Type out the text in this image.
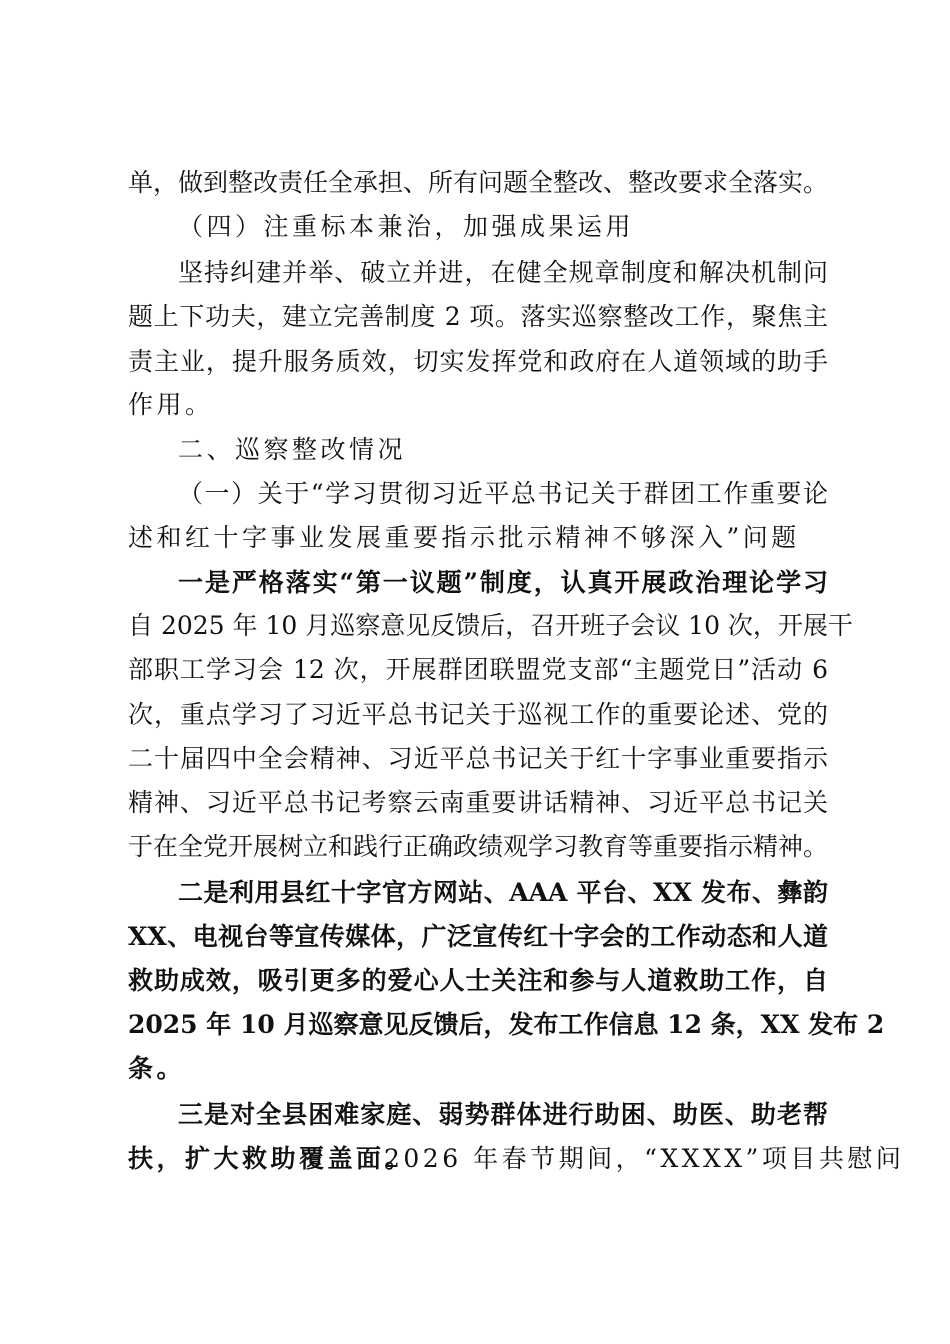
单，做到整改责任全承担、所有问题全整改、整改要求全落实。
（四）注重标本兼治，加强成果运用
坚持纠建并举、破立并进，在健全规章制度和解决机制问
题上下功夫，建立完善制度 2 项。落实巡察整改工作，聚焦主
责主业，提升服务质效，切实发挥党和政府在人道领域的助手
作用。
二、巡察整改情况
（一）关于“学习贯彻习近平总书记关于群团工作重要论
述和红十字事业发展重要指示批示精神不够深入”问题
一是严格落实“第一议题”制度，认真开展政治理论学习
自 2025 年 10 月巡察意见反馈后，召开班子会议 10 次，开展干
部职工学习会 12 次，开展群团联盟党支部“主题党日”活动 6
次，重点学习了习近平总书记关于巡视工作的重要论述、党的
二十届四中全会精神、习近平总书记关于红十字事业重要指示
精神、习近平总书记考察云南重要讲话精神、习近平总书记关
于在全党开展树立和践行正确政绩观学习教育等重要指示精神。
二是利用县红十字官方网站、AAA 平台、XX 发布、彝韵
XX、电视台等宣传媒体，广泛宣传红十字会的工作动态和人道
救助成效，吸引更多的爱心人士关注和参与人道救助工作，自
2025 年 10 月巡察意见反馈后，发布工作信息 12 条，XX 发布 2
条。
三是对全县困难家庭、弱势群体进行助困、助医、助老帮
扶，扩大救助覆盖面。
2026 年春节期间，“XXXX”项目共慰问
